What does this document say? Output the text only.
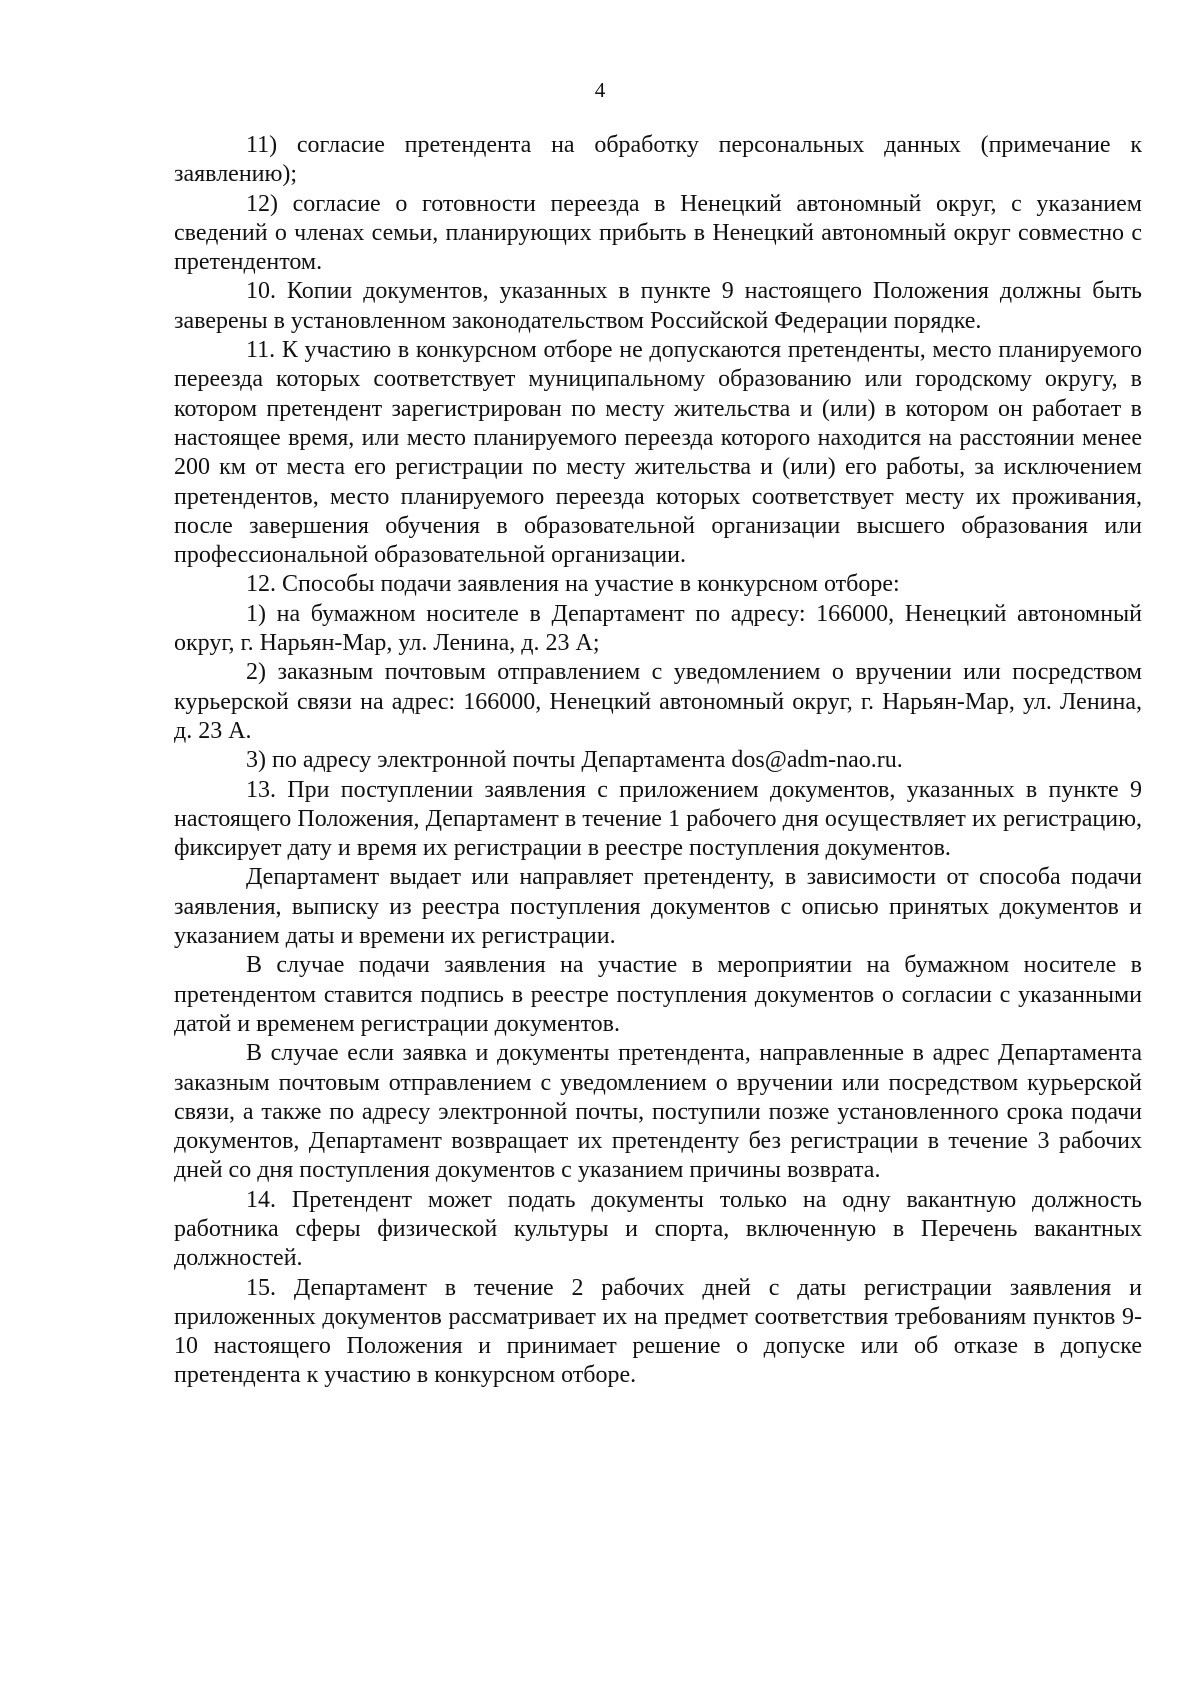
4

11) согласие претендента на обработку персональных данных (примечание к заявлению);

12) согласие о готовности переезда в Ненецкий автономный округ, с указанием сведений о членах семьи, планирующих прибыть в Ненецкий автономный округ совместно с претендентом.

10. Копии документов, указанных в пункте 9 настоящего Положения должны быть заверены в установленном законодательством Российской Федерации порядке.

11. К участию в конкурсном отборе не допускаются претенденты, место планируемого переезда которых соответствует муниципальному образованию или городскому округу, в котором претендент зарегистрирован по месту жительства и (или) в котором он работает в настоящее время, или место планируемого переезда которого находится на расстоянии менее 200 км от места его регистрации по месту жительства и (или) его работы, за исключением претендентов, место планируемого переезда которых соответствует месту их проживания, после завершения обучения в образовательной организации высшего образования или профессиональной образовательной организации.

12. Способы подачи заявления на участие в конкурсном отборе:

1) на бумажном носителе в Департамент по адресу: 166000, Ненецкий автономный округ, г. Нарьян-Мар, ул. Ленина, д. 23 А;

2) заказным почтовым отправлением с уведомлением о вручении или посредством курьерской связи на адрес: 166000, Ненецкий автономный округ, г. Нарьян-Мар, ул. Ленина, д. 23 А.

3) по адресу электронной почты Департамента dos@adm-nao.ru.

13. При поступлении заявления с приложением документов, указанных в пункте 9 настоящего Положения, Департамент в течение 1 рабочего дня осуществляет их регистрацию, фиксирует дату и время их регистрации в реестре поступления документов.

Департамент выдает или направляет претенденту, в зависимости от способа подачи заявления, выписку из реестра поступления документов с описью принятых документов и указанием даты и времени их регистрации.

В случае подачи заявления на участие в мероприятии на бумажном носителе в претендентом ставится подпись в реестре поступления документов о согласии с указанными датой и временем регистрации документов.

В случае если заявка и документы претендента, направленные в адрес Департамента заказным почтовым отправлением с уведомлением о вручении или посредством курьерской связи, а также по адресу электронной почты, поступили позже установленного срока подачи документов, Департамент возвращает их претенденту без регистрации в течение 3 рабочих дней со дня поступления документов с указанием причины возврата.

14. Претендент может подать документы только на одну вакантную должность работника сферы физической культуры и спорта, включенную в Перечень вакантных должностей.

15. Департамент в течение 2 рабочих дней с даты регистрации заявления и приложенных документов рассматривает их на предмет соответствия требованиям пунктов 9-10 настоящего Положения и принимает решение о допуске или об отказе в допуске претендента к участию в конкурсном отборе.
